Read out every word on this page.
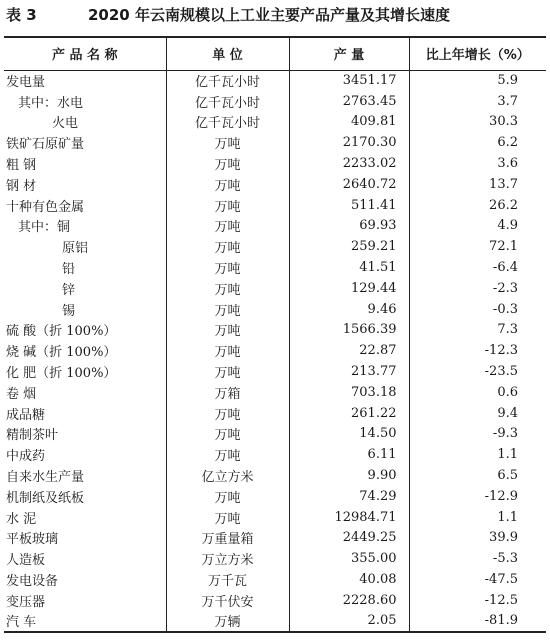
表 3	2020 年云南规模以上工业主要产品产量及其增长速度
产 品 名 称	单 位	产 量	比上年增长（%）
发电量	亿千瓦小时	3451.17	5.9
其中：水电	亿千瓦小时	2763.45	3.7
火电	亿千瓦小时	409.81	30.3
铁矿石原矿量	万吨	2170.30	6.2
粗 钢	万吨	2233.02	3.6
钢 材	万吨	2640.72	13.7
十种有色金属	万吨	511.41	26.2
其中：铜	万吨	69.93	4.9
原铝	万吨	259.21	72.1
铅	万吨	41.51	-6.4
锌	万吨	129.44	-2.3
锡	万吨	9.46	-0.3
硫 酸（折 100%）	万吨	1566.39	7.3
烧 碱（折 100%）	万吨	22.87	-12.3
化 肥（折 100%）	万吨	213.77	-23.5
卷 烟	万箱	703.18	0.6
成品糖	万吨	261.22	9.4
精制茶叶	万吨	14.50	-9.3
中成药	万吨	6.11	1.1
自来水生产量	亿立方米	9.90	6.5
机制纸及纸板	万吨	74.29	-12.9
水 泥	万吨	12984.71	1.1
平板玻璃	万重量箱	2449.25	39.9
人造板	万立方米	355.00	-5.3
发电设备	万千瓦	40.08	-47.5
变压器	万千伏安	2228.60	-12.5
汽 车	万辆	2.05	-81.9
